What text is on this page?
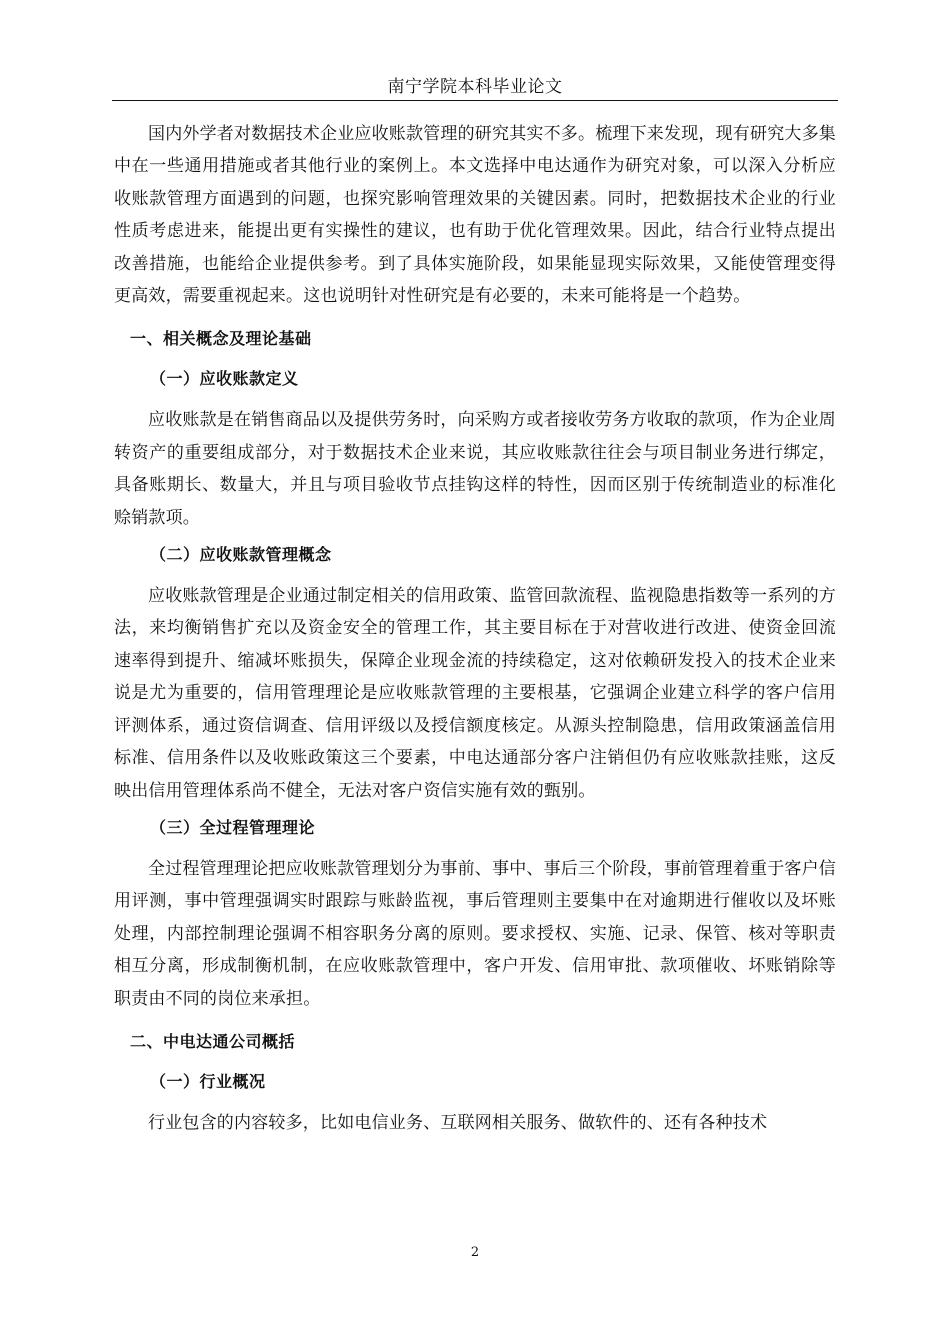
南宁学院本科毕业论文

国内外学者对数据技术企业应收账款管理的研究其实不多。梳理下来发现，现有研究大多集中在一些通用措施或者其他行业的案例上。本文选择中电达通作为研究对象，可以深入分析应收账款管理方面遇到的问题，也探究影响管理效果的关键因素。同时，把数据技术企业的行业性质考虑进来，能提出更有实操性的建议，也有助于优化管理效果。因此，结合行业特点提出改善措施，也能给企业提供参考。到了具体实施阶段，如果能显现实际效果，又能使管理变得更高效，需要重视起来。这也说明针对性研究是有必要的，未来可能将是一个趋势。

一、相关概念及理论基础
（一）应收账款定义

应收账款是在销售商品以及提供劳务时，向采购方或者接收劳务方收取的款项，作为企业周转资产的重要组成部分，对于数据技术企业来说，其应收账款往往会与项目制业务进行绑定，具备账期长、数量大，并且与项目验收节点挂钩这样的特性，因而区别于传统制造业的标准化赊销款项。

（二）应收账款管理概念

应收账款管理是企业通过制定相关的信用政策、监管回款流程、监视隐患指数等一系列的方法，来均衡销售扩充以及资金安全的管理工作，其主要目标在于对营收进行改进、使资金回流速率得到提升、缩减坏账损失，保障企业现金流的持续稳定，这对依赖研发投入的技术企业来说是尤为重要的，信用管理理论是应收账款管理的主要根基，它强调企业建立科学的客户信用评测体系，通过资信调查、信用评级以及授信额度核定。从源头控制隐患，信用政策涵盖信用标准、信用条件以及收账政策这三个要素，中电达通部分客户注销但仍有应收账款挂账，这反映出信用管理体系尚不健全，无法对客户资信实施有效的甄别。

（三）全过程管理理论

全过程管理理论把应收账款管理划分为事前、事中、事后三个阶段，事前管理着重于客户信用评测，事中管理强调实时跟踪与账龄监视，事后管理则主要集中在对逾期进行催收以及坏账处理，内部控制理论强调不相容职务分离的原则。要求授权、实施、记录、保管、核对等职责相互分离，形成制衡机制，在应收账款管理中，客户开发、信用审批、款项催收、坏账销除等职责由不同的岗位来承担。

二、中电达通公司概括
（一）行业概况

行业包含的内容较多，比如电信业务、互联网相关服务、做软件的、还有各种技术

2
